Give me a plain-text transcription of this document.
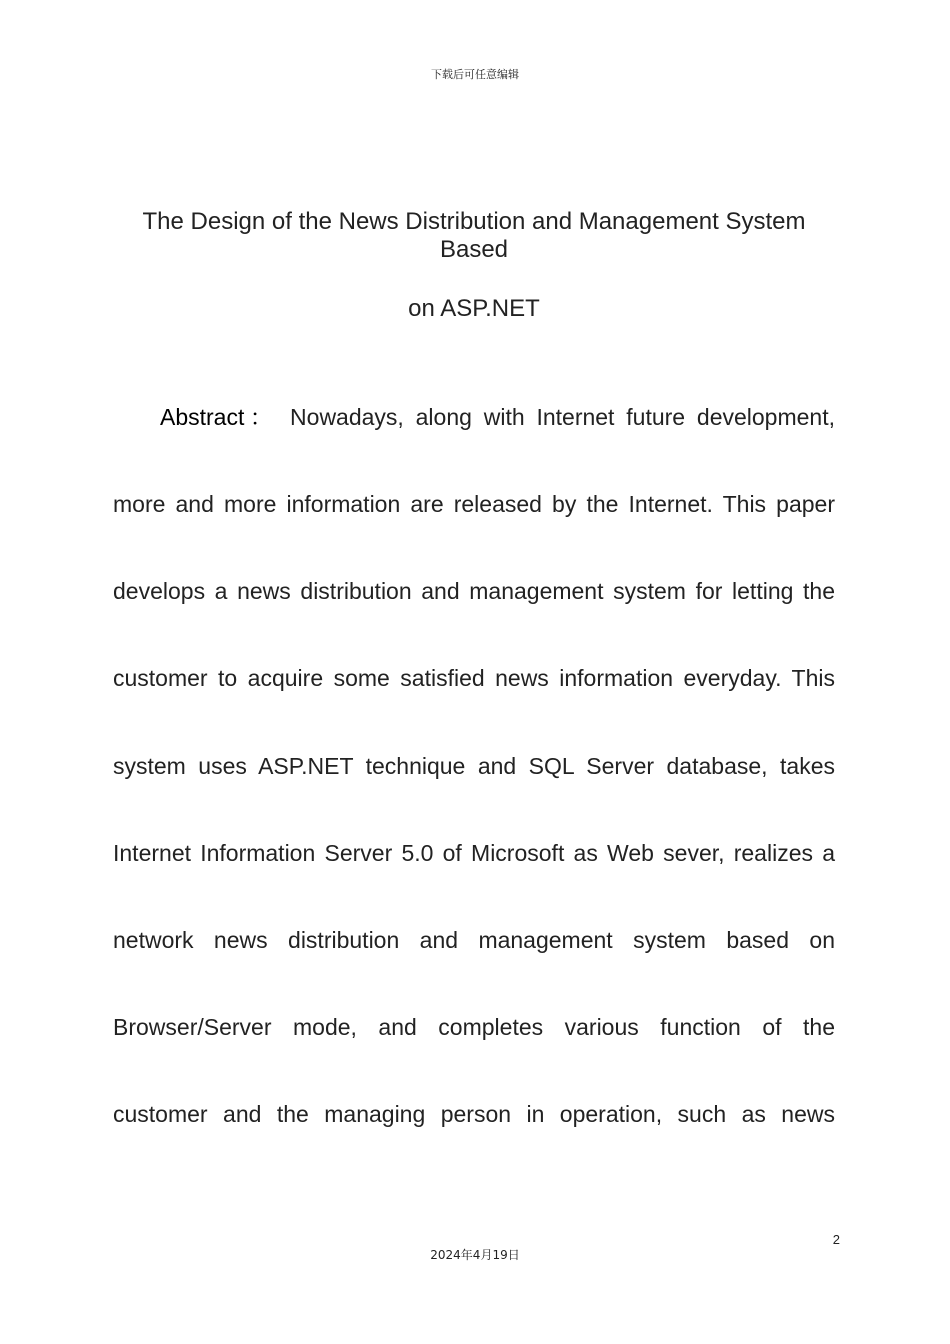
下载后可任意编辑
The Design of the News Distribution and Management System Based
on ASP.NET

Abstract： Nowadays, along with Internet future development,

more and more information are released by the Internet. This paper

develops a news distribution and management system for letting the

customer to acquire some satisfied news information everyday. This

system uses ASP.NET technique and SQL Server database, takes

Internet Information Server 5.0 of Microsoft as Web sever, realizes a

network news distribution and management system based on

Browser/Server mode, and completes various function of the

customer and the managing person in operation, such as news

2
2024年4月19日
